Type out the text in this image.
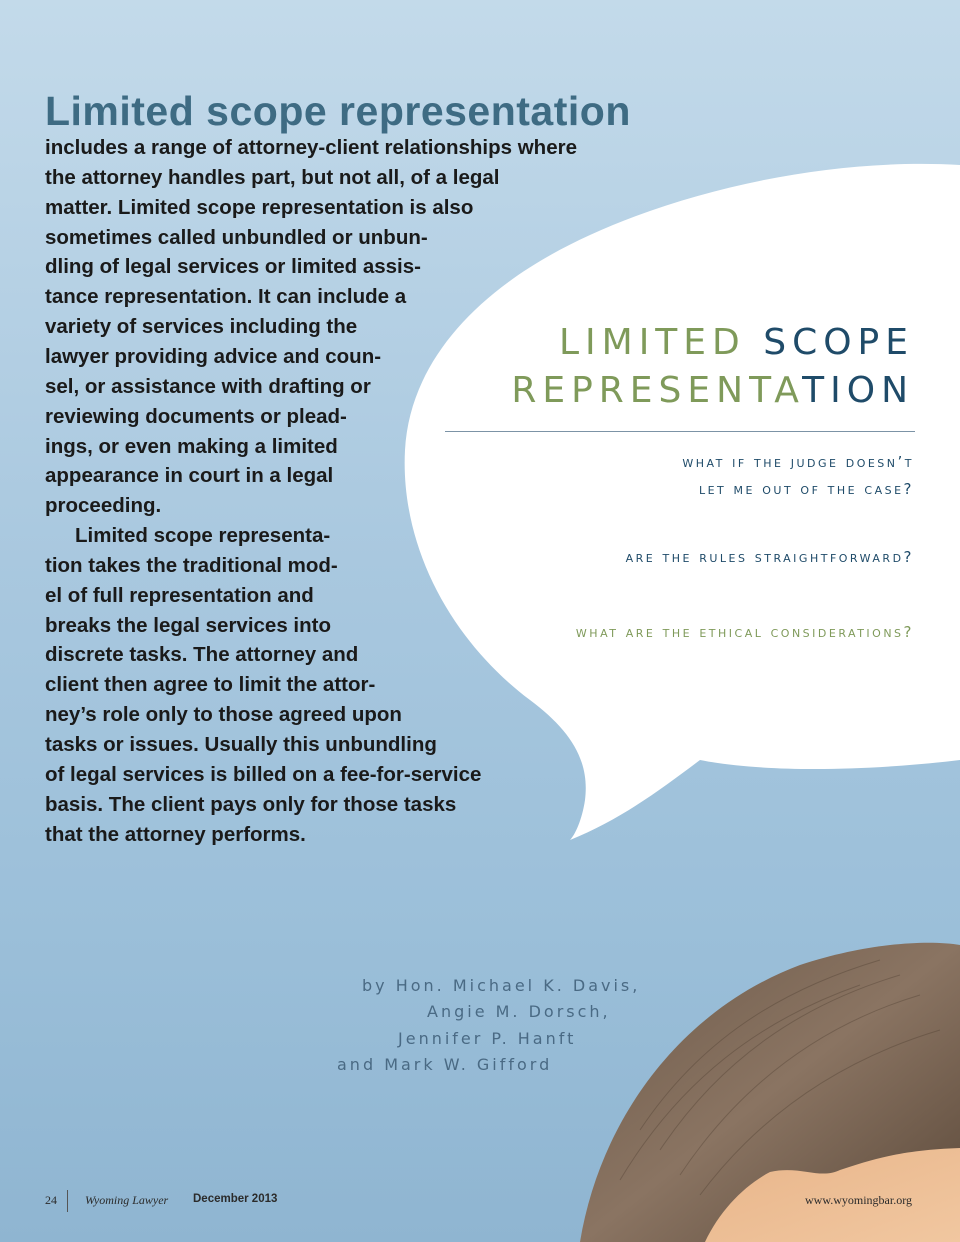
Limited scope representation

includes a range of attorney-client relationships where

the attorney handles part, but not all, of a legal

matter. Limited scope representation is also

sometimes called unbundled or unbun-

dling of legal services or limited assis-

tance representation. It can include a

variety of services including the

lawyer providing advice and coun-

sel, or assistance with drafting or

reviewing documents or plead-

ings, or even making a limited

appearance in court in a legal

proceeding.

Limited scope representa-

tion takes the traditional mod-

el of full representation and

breaks the legal services into

discrete tasks. The attorney and

client then agree to limit the attor-

ney’s role only to those agreed upon

tasks or issues. Usually this unbundling

of legal services is billed on a fee-for-service

basis. The client pays only for those tasks

that the attorney performs.

LIMITED SCOPE

REPRESENTATION

what if the judge doesn’t

let me out of the case?

are the rules straightforward?

what are the ethical considerations?

by Hon. Michael K. Davis,

Angie M. Dorsch,

Jennifer P. Hanft

and Mark W. Gifford

24 Wyoming Lawyer December 2013	www.wyomingbar.org
